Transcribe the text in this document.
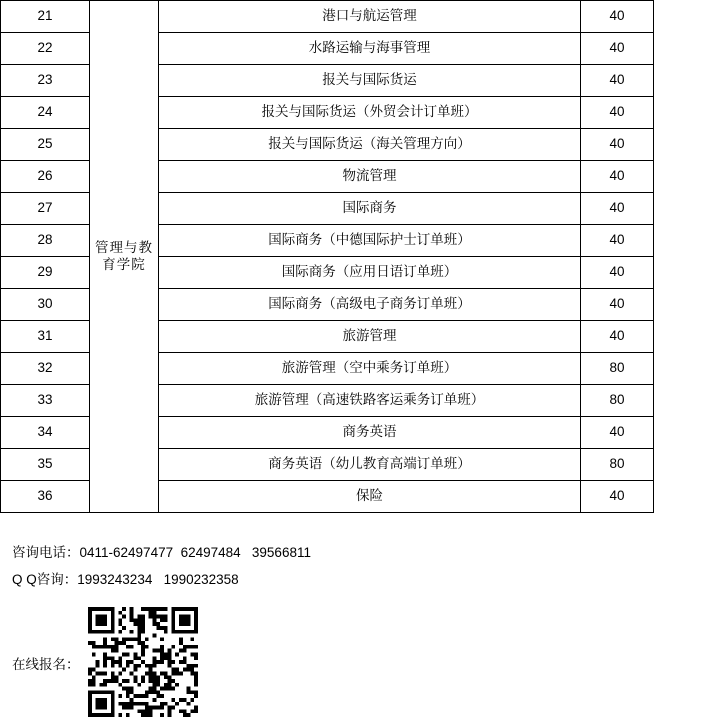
21	管理与教育学院	港口与航运管理	40
22		水路运输与海事管理	40
23		报关与国际货运	40
24		报关与国际货运（外贸会计订单班）	40
25		报关与国际货运（海关管理方向）	40
26		物流管理	40
27		国际商务	40
28		国际商务（中德国际护士订单班）	40
29		国际商务（应用日语订单班）	40
30		国际商务（高级电子商务订单班）	40
31		旅游管理	40
32		旅游管理（空中乘务订单班）	80
33		旅游管理（高速铁路客运乘务订单班）	80
34		商务英语	40
35		商务英语（幼儿教育高端订单班）	80
36		保险	40
咨询电话：0411-62497477  62497484   39566811
Q Q咨询：1993243234   1990232358
在线报名：
